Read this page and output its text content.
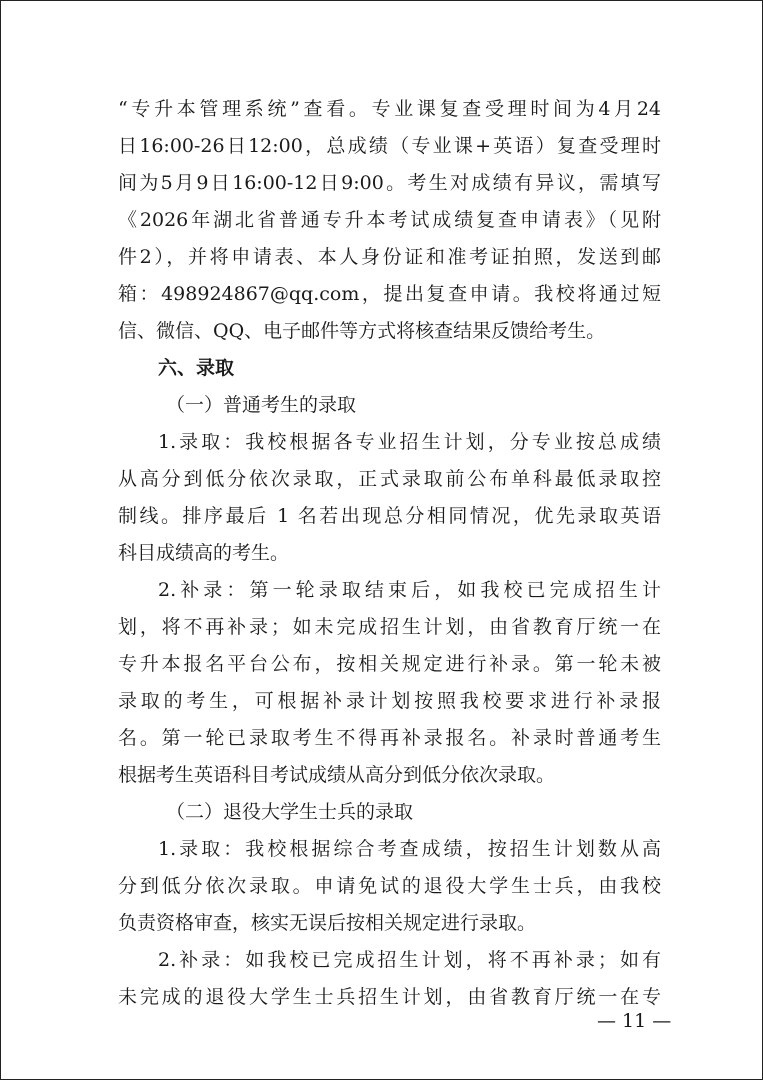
“专升本管理系统”查看。专业课复查受理时间为4月24
日16:00-26日12:00，总成绩（专业课+英语）复查受理时
间为5月9日16:00-12日9:00。考生对成绩有异议，需填写
《2026年湖北省普通专升本考试成绩复查申请表》（见附
件2），并将申请表、本人身份证和准考证拍照，发送到邮
箱：498924867@qq.com，提出复查申请。我校将通过短
信、微信、QQ、电子邮件等方式将核查结果反馈给考生。
六、录取
（一）普通考生的录取
1.录取：我校根据各专业招生计划，分专业按总成绩
从高分到低分依次录取，正式录取前公布单科最低录取控
制线。排序最后 1 名若出现总分相同情况，优先录取英语
科目成绩高的考生。
2.补录：第一轮录取结束后，如我校已完成招生计
划，将不再补录；如未完成招生计划，由省教育厅统一在
专升本报名平台公布，按相关规定进行补录。第一轮未被
录取的考生，可根据补录计划按照我校要求进行补录报
名。第一轮已录取考生不得再补录报名。补录时普通考生
根据考生英语科目考试成绩从高分到低分依次录取。
（二）退役大学生士兵的录取
1.录取：我校根据综合考查成绩，按招生计划数从高
分到低分依次录取。申请免试的退役大学生士兵，由我校
负责资格审查，核实无误后按相关规定进行录取。
2.补录：如我校已完成招生计划，将不再补录；如有
未完成的退役大学生士兵招生计划，由省教育厅统一在专
— 11 —
